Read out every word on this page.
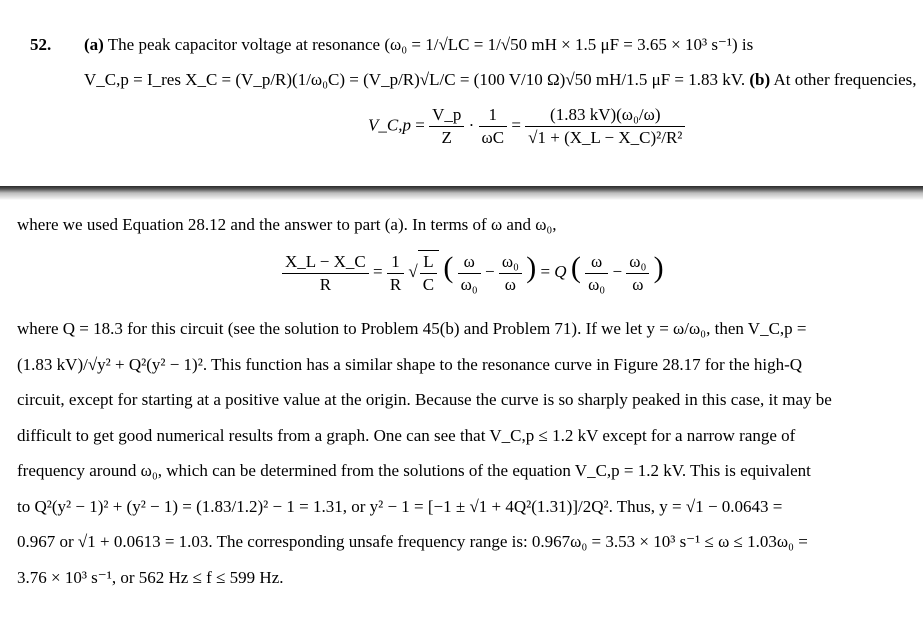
52. (a) The peak capacitor voltage at resonance (ω₀ = 1/√LC = 1/√50 mH × 1.5 μF = 3.65 × 10³ s⁻¹) is
V_C,p = I_res X_C = (V_p/R)(1/ω₀C) = (V_p/R)√L/C = (100 V/10 Ω)√50 mH/1.5 μF = 1.83 kV. (b) At other frequencies,
V_C,p = $\frac{V\_p}{Z} \cdot \frac{1}{\omega C} = \frac{\text{(1.83 kV)(ω₀/ω)}}{\text{√1 + (X\_L − X\_C)²/R²}}$
where we used Equation 28.12 and the answer to part (a). In terms of ω and ω₀,
$\frac{X\_L - X\_C}{R} = \frac{1}{R}$ √ $\frac{L}{C}$ ( $\frac{\omega}{\text{ω₀}} - \frac{\text{ω₀}}{\omega}$ ) = Q ( $\frac{\omega}{\text{ω₀}} - \frac{\text{ω₀}}{\omega}$ )
where Q = 18.3 for this circuit (see the solution to Problem 45(b) and Problem 71). If we let y = ω/ω₀, then V_C,p =
(1.83 kV)/√y² + Q²(y² − 1)². This function has a similar shape to the resonance curve in Figure 28.17 for the high-Q
circuit, except for starting at a positive value at the origin. Because the curve is so sharply peaked in this case, it may be
difficult to get good numerical results from a graph. One can see that V_C,p ≤ 1.2 kV except for a narrow range of
frequency around ω₀, which can be determined from the solutions of the equation V_C,p = 1.2 kV. This is equivalent
to Q²(y² − 1)² + (y² − 1) = (1.83/1.2)² − 1 = 1.31, or y² − 1 = [−1 ± √1 + 4Q²(1.31)]/2Q². Thus, y = √1 − 0.0643 =
0.967 or √1 + 0.0613 = 1.03. The corresponding unsafe frequency range is: 0.967ω₀ = 3.53 × 10³ s⁻¹ ≤ ω ≤ 1.03ω₀ =
3.76 × 10³ s⁻¹, or 562 Hz ≤ f ≤ 599 Hz.
